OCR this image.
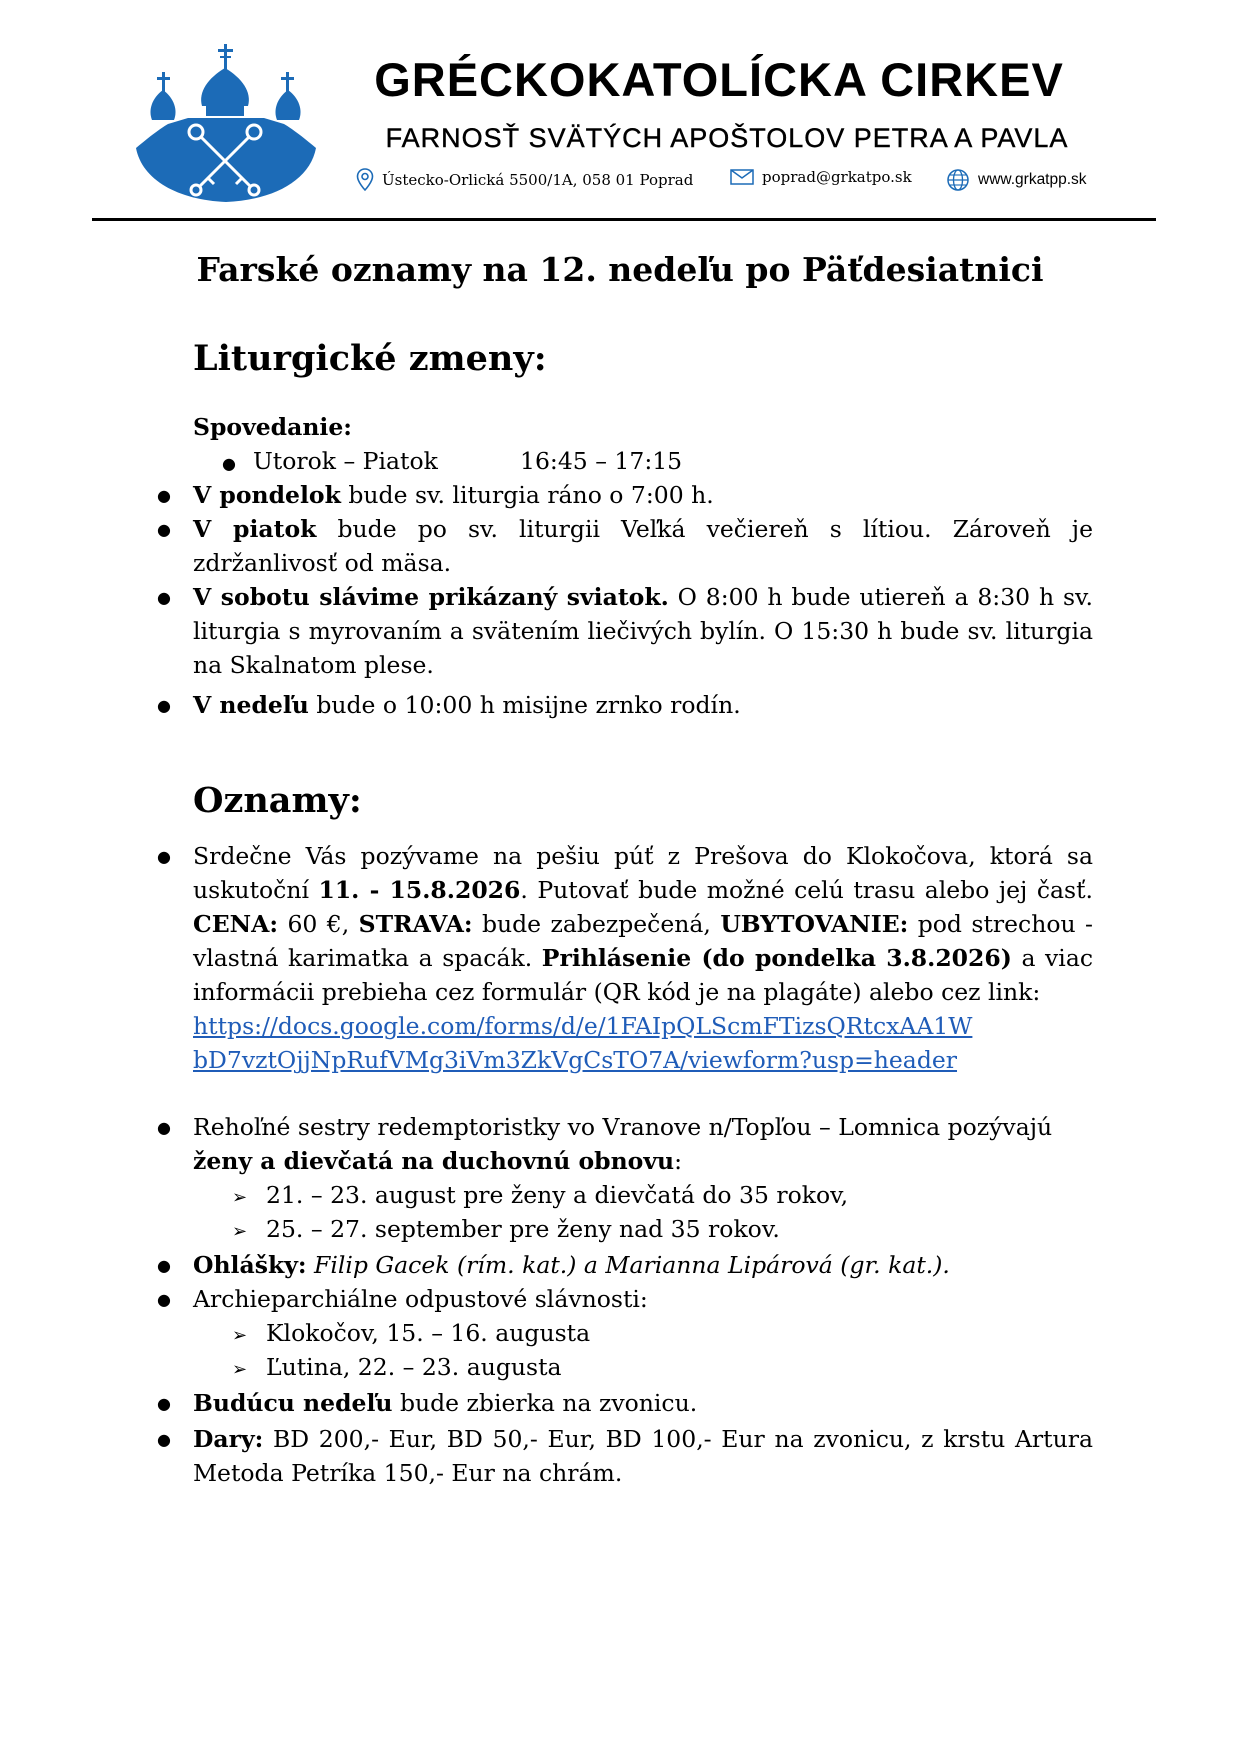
GRÉCKOKATOLÍCKA CIRKEV
FARNOSŤ SVÄTÝCH APOŠTOLOV PETRA A PAVLA
Ústecko-Orlická 5500/1A, 058 01 Poprad	poprad@grkatpo.sk	www.grkatpp.sk
Farské oznamy na 12. nedeľu po Päťdesiatnici
Liturgické zmeny:
Spovedanie:
● Utorok – Piatok	16:45 – 17:15
● V pondelok bude sv. liturgia ráno o 7:00 h.
● V piatok bude po sv. liturgii Veľká večiereň s lítiou. Zároveň je zdržanlivosť od mäsa.
● V sobotu slávime prikázaný sviatok. O 8:00 h bude utiereň a 8:30 h sv. liturgia s myrovaním a svätením liečivých bylín. O 15:30 h bude sv. liturgia na Skalnatom plese.
● V nedeľu bude o 10:00 h misijne zrnko rodín.
Oznamy:
● Srdečne Vás pozývame na pešiu púť z Prešova do Klokočova, ktorá sa uskutoční 11. - 15.8.2026. Putovať bude možné celú trasu alebo jej časť. CENA: 60 €, STRAVA: bude zabezpečená, UBYTOVANIE: pod strechou - vlastná karimatka a spacák. Prihlásenie (do pondelka 3.8.2026) a viac informácii prebieha cez formulár (QR kód je na plagáte) alebo cez link:
https://docs.google.com/forms/d/e/1FAIpQLScmFTizsQRtcxAA1W
bD7vztOjjNpRufVMg3iVm3ZkVgCsTO7A/viewform?usp=header
● Rehoľné sestry redemptoristky vo Vranove n/Topľou – Lomnica pozývajú ženy a dievčatá na duchovnú obnovu:
➢ 21. – 23. august pre ženy a dievčatá do 35 rokov,
➢ 25. – 27. september pre ženy nad 35 rokov.
● Ohlášky: Filip Gacek (rím. kat.) a Marianna Lipárová (gr. kat.).
● Archieparchiálne odpustové slávnosti:
➢ Klokočov, 15. – 16. augusta
➢ Ľutina, 22. – 23. augusta
● Budúcu nedeľu bude zbierka na zvonicu.
● Dary: BD 200,- Eur, BD 50,- Eur, BD 100,- Eur na zvonicu, z krstu Artura Metoda Petríka 150,- Eur na chrám.
